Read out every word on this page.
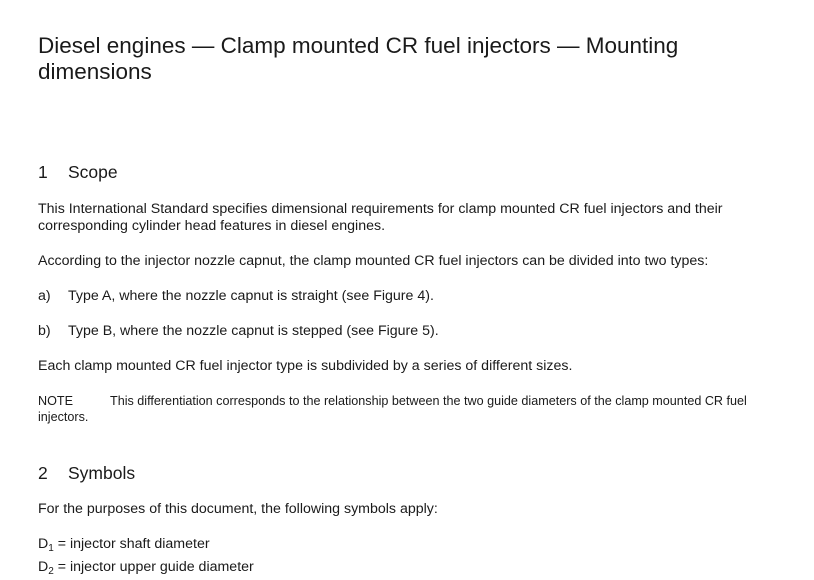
Diesel engines — Clamp mounted CR fuel injectors — Mounting dimensions
1 Scope

This International Standard specifies dimensional requirements for clamp mounted CR fuel injectors and their corresponding cylinder head features in diesel engines.

According to the injector nozzle capnut, the clamp mounted CR fuel injectors can be divided into two types:

a) Type A, where the nozzle capnut is straight (see Figure 4).

b) Type B, where the nozzle capnut is stepped (see Figure 5).

Each clamp mounted CR fuel injector type is subdivided by a series of different sizes.

NOTE	This differentiation corresponds to the relationship between the two guide diameters of the clamp mounted CR fuel injectors.

2 Symbols

For the purposes of this document, the following symbols apply:

$D_1$ = injector shaft diameter

$D_2$ = injector upper guide diameter
